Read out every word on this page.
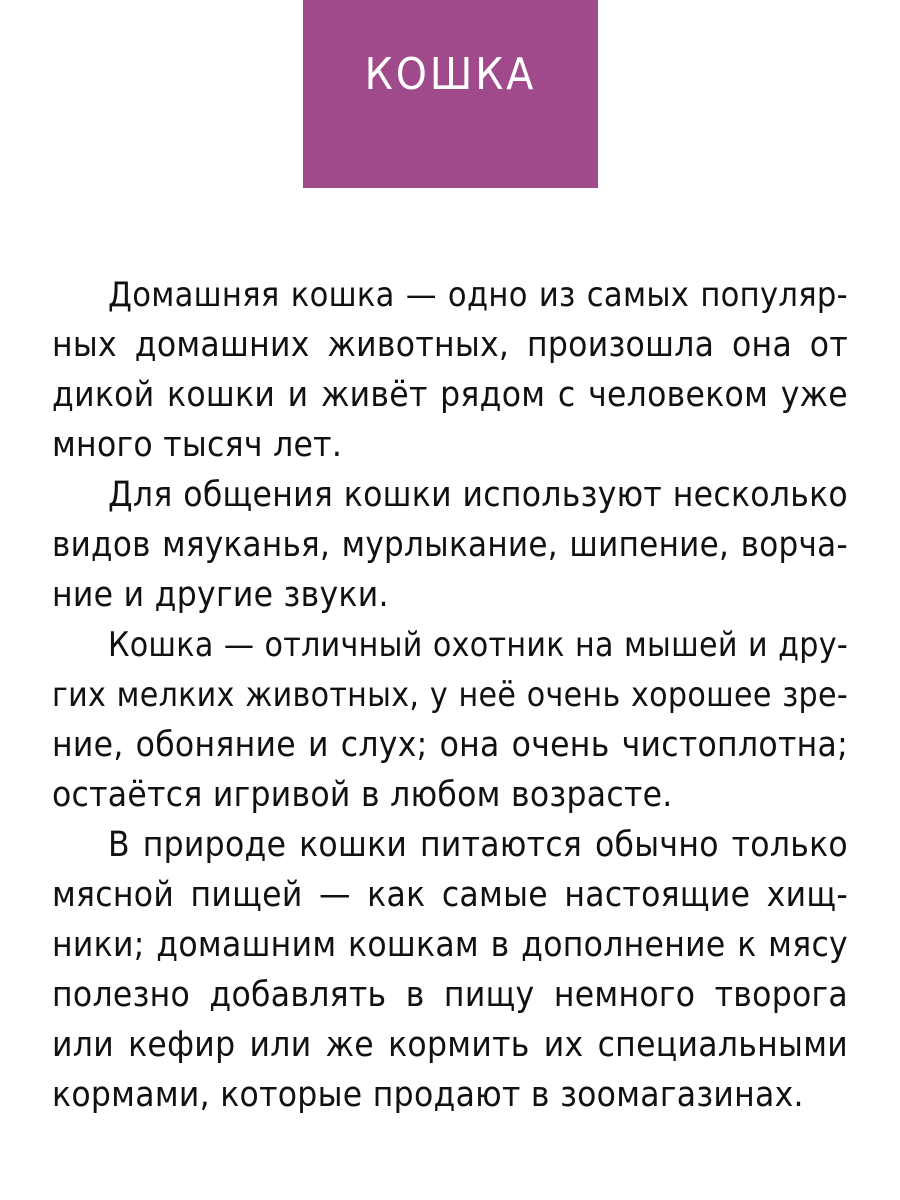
КОШКА
Домашняя кошка — одно из самых популяр-
ных домашних животных, произошла она от
дикой кошки и живёт рядом с человеком уже
много тысяч лет.
Для общения кошки используют несколько
видов мяуканья, мурлыкание, шипение, ворча-
ние и другие звуки.
Кошка — отличный охотник на мышей и дру-
гих мелких животных, у неё очень хорошее зре-
ние, обоняние и слух; она очень чистоплотна;
остаётся игривой в любом возрасте.
В природе кошки питаются обычно только
мясной пищей — как самые настоящие хищ-
ники; домашним кошкам в дополнение к мясу
полезно добавлять в пищу немного творога
или кефир или же кормить их специальными
кормами, которые продают в зоомагазинах.
